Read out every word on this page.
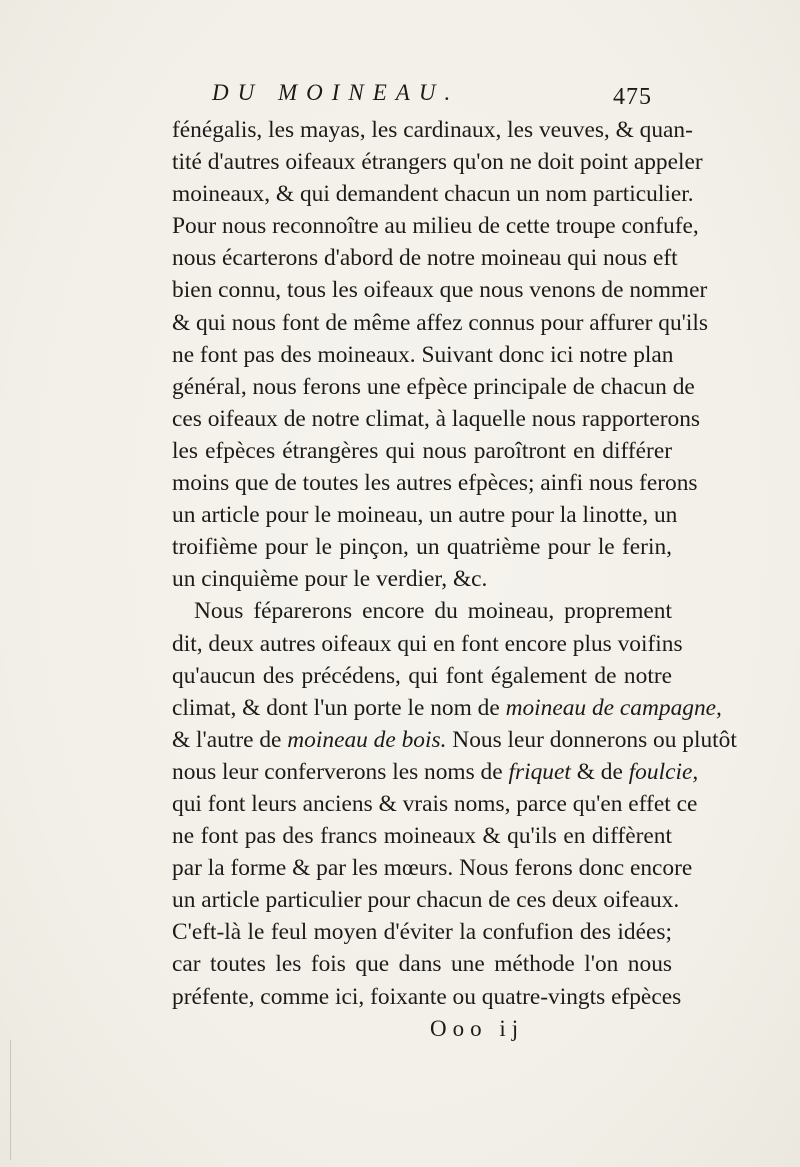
DU MOINEAU.	475
fénégalis, les mayas, les cardinaux, les veuves, & quan-
tité d'autres oifeaux étrangers qu'on ne doit point appeler
moineaux, & qui demandent chacun un nom particulier.
Pour nous reconnoître au milieu de cette troupe confufe,
nous écarterons d'abord de notre moineau qui nous eft
bien connu, tous les oifeaux que nous venons de nommer
& qui nous font de même affez connus pour affurer qu'ils
ne font pas des moineaux. Suivant donc ici notre plan
général, nous ferons une efpèce principale de chacun de
ces oifeaux de notre climat, à laquelle nous rapporterons
les efpèces étrangères qui nous paroîtront en différer
moins que de toutes les autres efpèces; ainfi nous ferons
un article pour le moineau, un autre pour la linotte, un
troifième pour le pinçon, un quatrième pour le ferin,
un cinquième pour le verdier, &c.
Nous féparerons encore du moineau, proprement
dit, deux autres oifeaux qui en font encore plus voifins
qu'aucun des précédens, qui font également de notre
climat, & dont l'un porte le nom de moineau de campagne,
& l'autre de moineau de bois. Nous leur donnerons ou plutôt
nous leur conferverons les noms de friquet & de foulcie,
qui font leurs anciens & vrais noms, parce qu'en effet ce
ne font pas des francs moineaux & qu'ils en diffèrent
par la forme & par les mœurs. Nous ferons donc encore
un article particulier pour chacun de ces deux oifeaux.
C'eft-là le feul moyen d'éviter la confufion des idées;
car toutes les fois que dans une méthode l'on nous
préfente, comme ici, foixante ou quatre-vingts efpèces
Ooo ij
